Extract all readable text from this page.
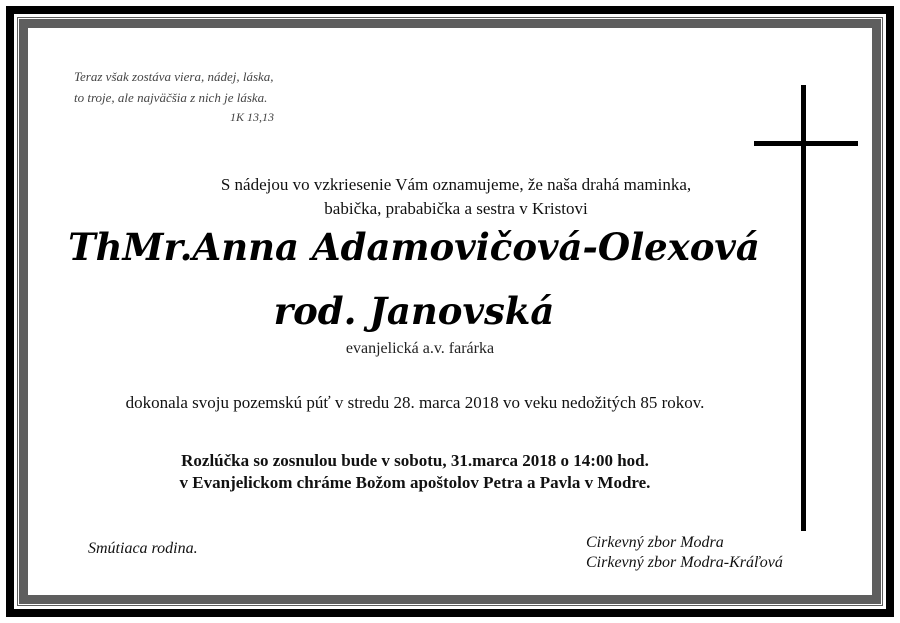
Teraz však zostáva viera, nádej, láska,
to troje, ale najväčšia z nich je láska.
1K 13,13
S nádejou vo vzkriesenie Vám oznamujeme, že naša drahá maminka,
babička, prababička a sestra v Kristovi
ThMr.Anna Adamovičová-Olexová
rod. Janovská
evanjelická a.v. farárka
dokonala svoju pozemskú púť v stredu 28. marca 2018 vo veku nedožitých 85 rokov.
Rozlúčka so zosnulou bude v sobotu, 31.marca 2018 o 14:00 hod.
v Evanjelickom chráme Božom apoštolov Petra a Pavla v Modre.
Smútiaca rodina.	Cirkevný zbor Modra
Cirkevný zbor Modra-Kráľová
